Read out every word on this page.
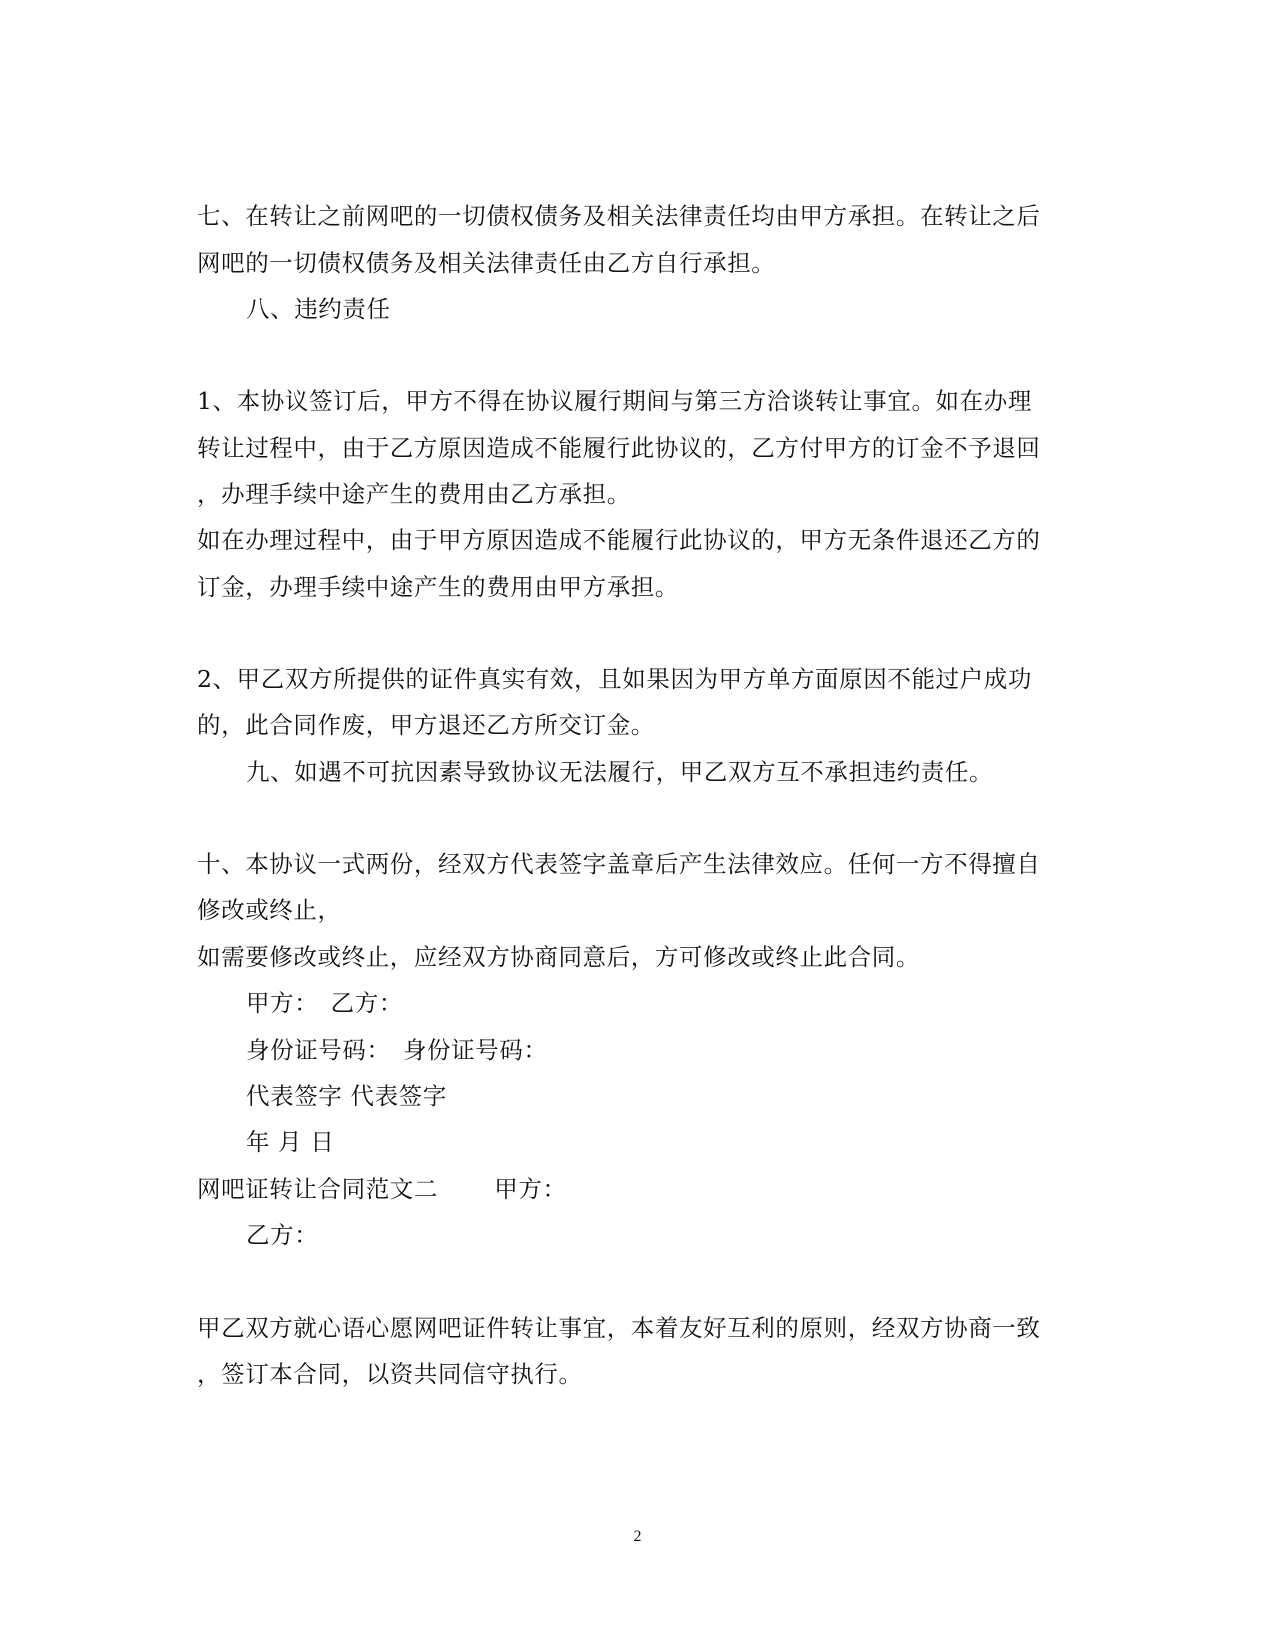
七、在转让之前网吧的一切债权债务及相关法律责任均由甲方承担。在转让之后
网吧的一切债权债务及相关法律责任由乙方自行承担。
八、违约责任
1、本协议签订后，甲方不得在协议履行期间与第三方洽谈转让事宜。如在办理
转让过程中，由于乙方原因造成不能履行此协议的，乙方付甲方的订金不予退回
，办理手续中途产生的费用由乙方承担。
如在办理过程中，由于甲方原因造成不能履行此协议的，甲方无条件退还乙方的
订金，办理手续中途产生的费用由甲方承担。
2、甲乙双方所提供的证件真实有效，且如果因为甲方单方面原因不能过户成功
的，此合同作废，甲方退还乙方所交订金。
九、如遇不可抗因素导致协议无法履行，甲乙双方互不承担违约责任。
十、本协议一式两份，经双方代表签字盖章后产生法律效应。任何一方不得擅自
修改或终止，
如需要修改或终止，应经双方协商同意后，方可修改或终止此合同。
甲方：　乙方：
身份证号码：　身份证号码：
代表签字 代表签字
年 月 日
网吧证转让合同范文二　　 甲方：
乙方：
甲乙双方就心语心愿网吧证件转让事宜，本着友好互利的原则，经双方协商一致
，签订本合同，以资共同信守执行。
2
